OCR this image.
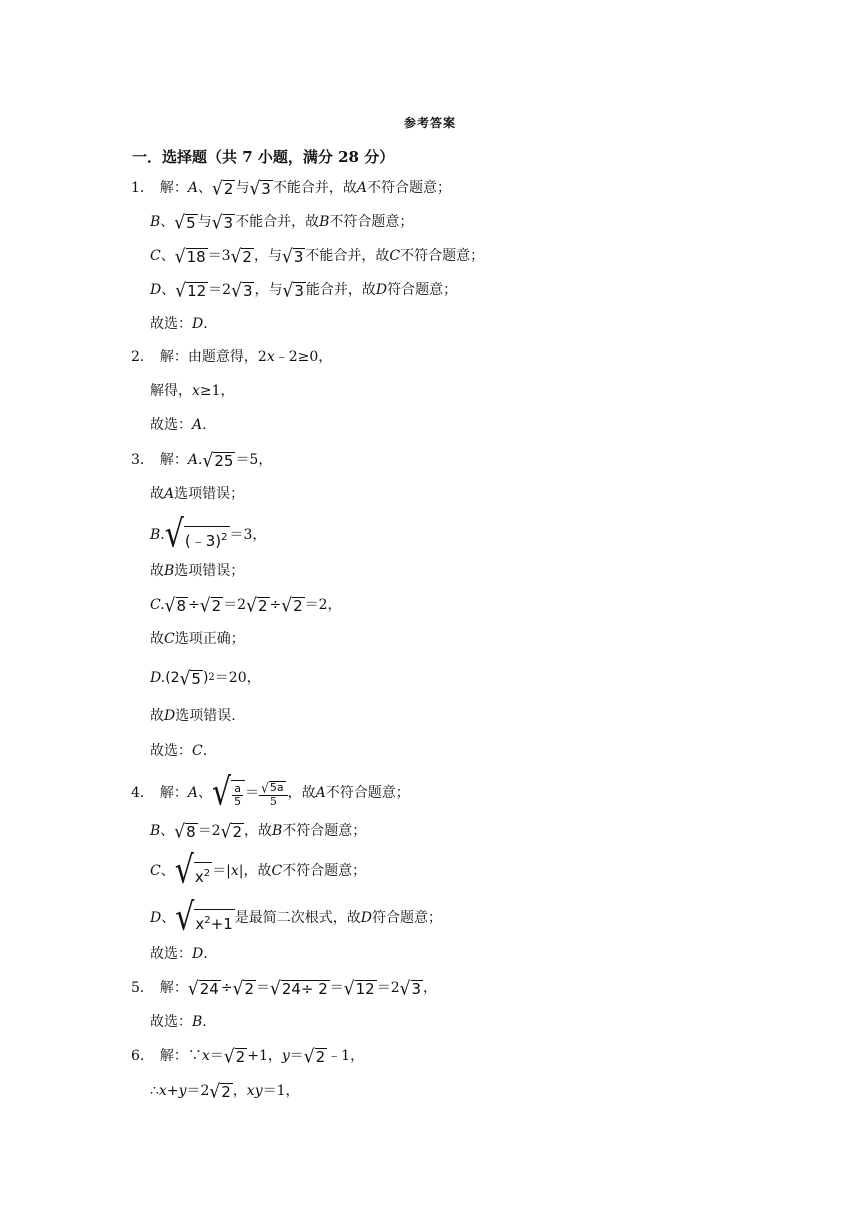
参考答案
一．选择题（共 7 小题，满分 28 分）
1． 解： A 、 √ 2 与 √ 3 不能合并，故 A 不符合题意；
B 、 √ 5 与 √ 3 不能合并，故 B 不符合题意；
C 、 √ 18 ＝3 √ 2 ，与 √ 3 不能合并，故 C 不符合题意；
D 、 √ 12 ＝2 √ 3 ，与 √ 3 能合并，故 D 符合题意；
故选： D .
2． 解：由题意得，2 x ﹣2≥0，
解得， x ≥1，
故选： A .
3． 解： A. √ 25 ＝5，
故 A 选项错误；
B. √ (﹣3)$^2$ ＝3，
故 B 选项错误；
C. √ 8 ÷ √ 2 ＝2 √ 2 ÷ √ 2 ＝2，
故 C 选项正确；
D. (2 √ 5 ) 2 ＝20，
故 D 选项错误.
故选： C .
4． 解： A 、 √ $\frac{a}{5} = \frac{√ 5a}{5}$ ，故 A 不符合题意；
B 、 √ 8 ＝2 √ 2 ，故 B 不符合题意；
C 、 √ $x^2$ ＝| x |，故 C 不符合题意；
D 、 √ $x^2+1$ 是最简二次根式，故 D 符合题意；
故选： D .
5． 解： √ 24 ÷ √ 2 ＝ √ 24÷ 2 ＝ √ 12 ＝2 √ 3 ，
故选： B .
6． 解：∵ x ＝ √ 2 +1， y ＝ √ 2 ﹣1，
∴ x + y ＝2 √ 2 ， xy ＝1，
